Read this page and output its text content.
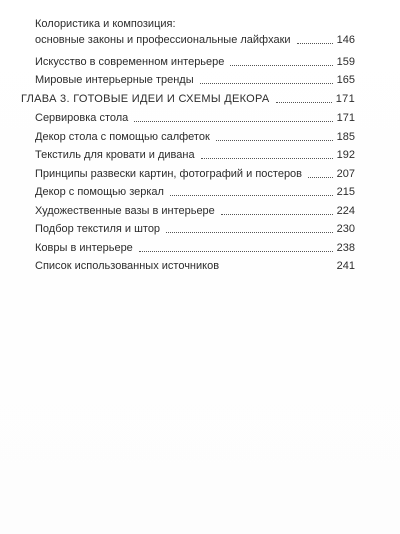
Колористика и композиция:
основные законы и профессиональные лайфхаки	146
Искусство в современном интерьере	159
Мировые интерьерные тренды	165
ГЛАВА 3. ГОТОВЫЕ ИДЕИ И СХЕМЫ ДЕКОРА	171
Сервировка стола	171
Декор стола с помощью салфеток	185
Текстиль для кровати и дивана	192
Принципы развески картин, фотографий и постеров	207
Декор с помощью зеркал	215
Художественные вазы в интерьере	224
Подбор текстиля и штор	230
Ковры в интерьере	238
Список использованных источников	241
